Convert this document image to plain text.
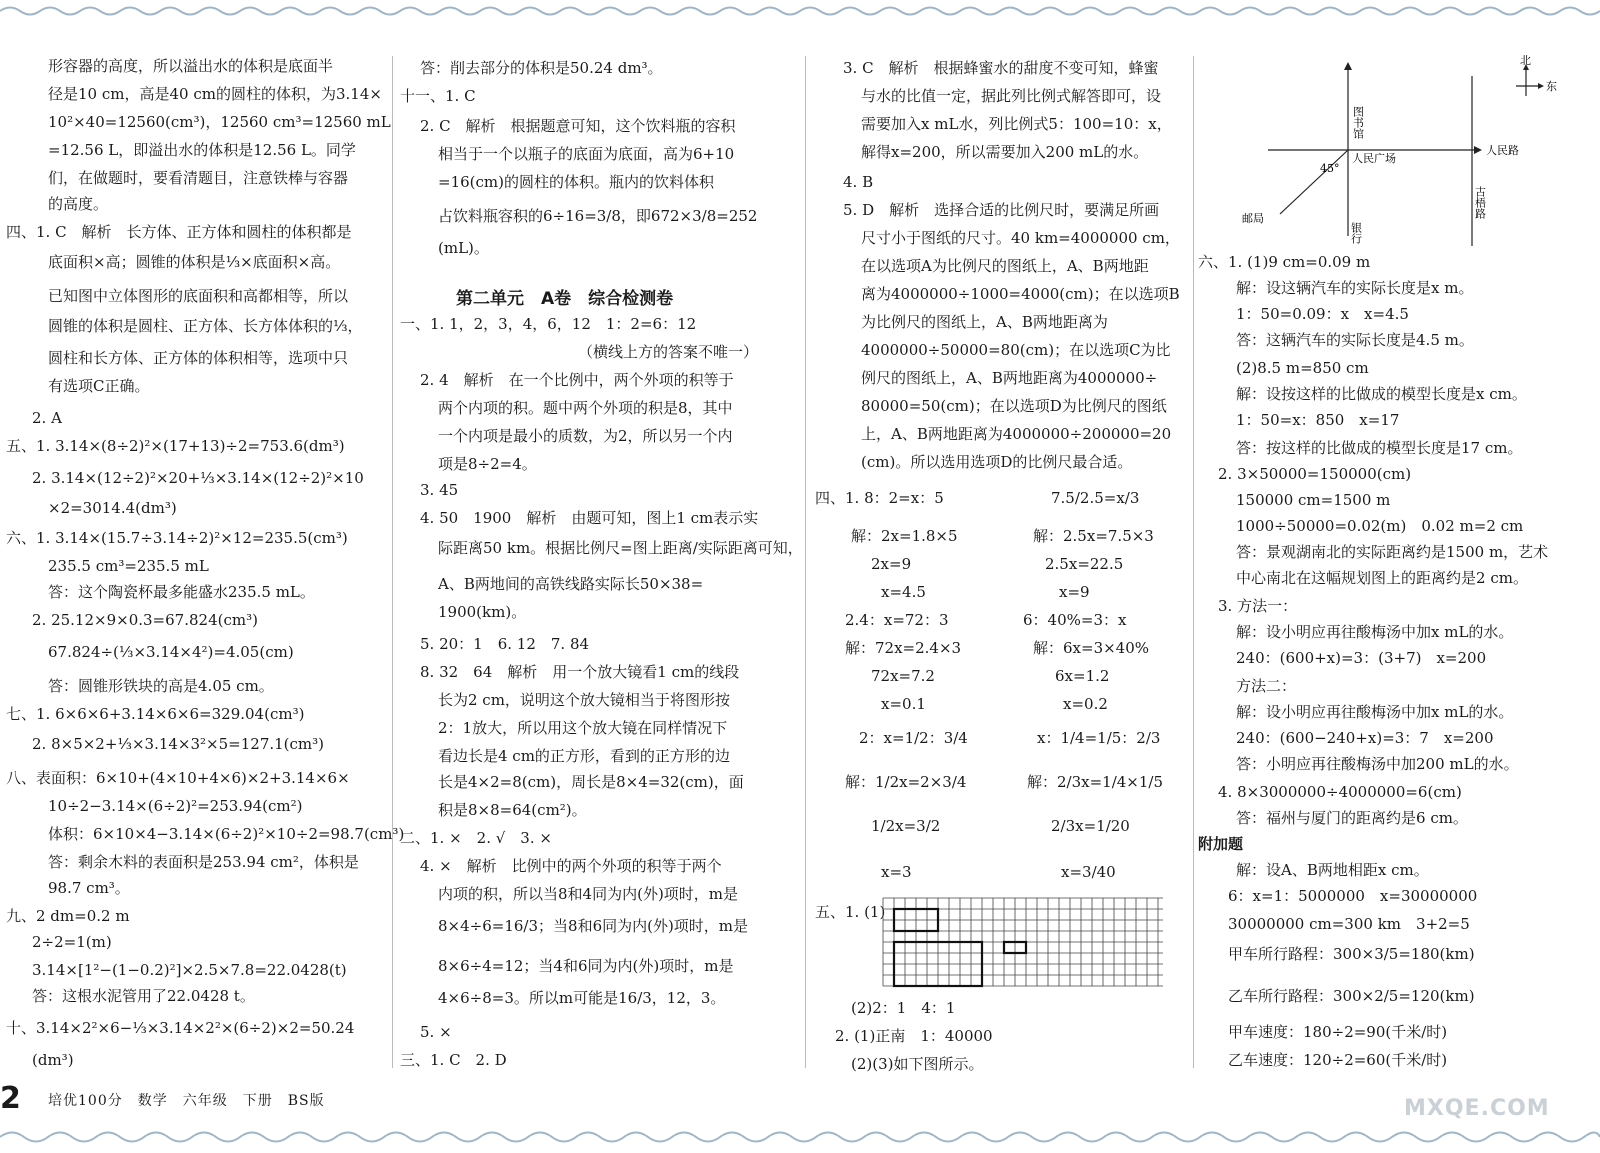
形容器的高度，所以溢出水的体积是底面半
径是10 cm，高是40 cm的圆柱的体积，为3.14×
10²×40=12560(cm³)，12560 cm³=12560 mL
=12.56 L，即溢出水的体积是12.56 L。同学
们，在做题时，要看清题目，注意铁棒与容器
的高度。
四、1. C　解析　长方体、正方体和圆柱的体积都是
底面积×高；圆锥的体积是⅓×底面积×高。
已知图中立体图形的底面积和高都相等，所以
圆锥的体积是圆柱、正方体、长方体体积的⅓，
圆柱和长方体、正方体的体积相等，选项中只
有选项C正确。
2. A
五、1. 3.14×(8÷2)²×(17+13)÷2=753.6(dm³)
2. 3.14×(12÷2)²×20+⅓×3.14×(12÷2)²×10
×2=3014.4(dm³)
六、1. 3.14×(15.7÷3.14÷2)²×12=235.5(cm³)
235.5 cm³=235.5 mL
答：这个陶瓷杯最多能盛水235.5 mL。
2. 25.12×9×0.3=67.824(cm³)
67.824÷(⅓×3.14×4²)=4.05(cm)
答：圆锥形铁块的高是4.05 cm。
七、1. 6×6×6+3.14×6×6=329.04(cm³)
2. 8×5×2+⅓×3.14×3²×5=127.1(cm³)
八、表面积：6×10+(4×10+4×6)×2+3.14×6×
10÷2−3.14×(6÷2)²=253.94(cm²)
体积：6×10×4−3.14×(6÷2)²×10÷2=98.7(cm³)
答：剩余木料的表面积是253.94 cm²，体积是
98.7 cm³。
九、2 dm=0.2 m
2÷2=1(m)
3.14×[1²−(1−0.2)²]×2.5×7.8=22.0428(t)
答：这根水泥管用了22.0428 t。
十、3.14×2²×6−⅓×3.14×2²×(6÷2)×2=50.24
(dm³)
答：削去部分的体积是50.24 dm³。
十一、1. C
2. C　解析　根据题意可知，这个饮料瓶的容积
相当于一个以瓶子的底面为底面，高为6+10
=16(cm)的圆柱的体积。瓶内的饮料体积
占饮料瓶容积的6÷16=3/8，即672×3/8=252
(mL)。
第二单元　A卷　综合检测卷
一、1. 1，2，3，4，6，12　1：2=6：12
（横线上方的答案不唯一）
2. 4　解析　在一个比例中，两个外项的积等于
两个内项的积。题中两个外项的积是8，其中
一个内项是最小的质数，为2，所以另一个内
项是8÷2=4。
3. 45
4. 50　1900　解析　由题可知，图上1 cm表示实
际距离50 km。根据比例尺=图上距离/实际距离可知，
A、B两地间的高铁线路实际长50×38=
1900(km)。
5. 20：1　6. 12　7. 84
8. 32　64　解析　用一个放大镜看1 cm的线段
长为2 cm，说明这个放大镜相当于将图形按
2：1放大，所以用这个放大镜在同样情况下
看边长是4 cm的正方形，看到的正方形的边
长是4×2=8(cm)，周长是8×4=32(cm)，面
积是8×8=64(cm²)。
二、1. ×　2. √　3. ×
4. ×　解析　比例中的两个外项的积等于两个
内项的积，所以当8和4同为内(外)项时，m是
8×4÷6=16/3；当8和6同为内(外)项时，m是
8×6÷4=12；当4和6同为内(外)项时，m是
4×6÷8=3。所以m可能是16/3，12，3。
5. ×
三、1. C　2. D
3. C　解析　根据蜂蜜水的甜度不变可知，蜂蜜
与水的比值一定，据此列比例式解答即可，设
需要加入x mL水，列比例式5：100=10：x，
解得x=200，所以需要加入200 mL的水。
4. B
5. D　解析　选择合适的比例尺时，要满足所画
尺寸小于图纸的尺寸。40 km=4000000 cm，
在以选项A为比例尺的图纸上，A、B两地距
离为4000000÷1000=4000(cm)；在以选项B
为比例尺的图纸上，A、B两地距离为
4000000÷50000=80(cm)；在以选项C为比
例尺的图纸上，A、B两地距离为4000000÷
80000=50(cm)；在以选项D为比例尺的图纸
上，A、B两地距离为4000000÷200000=20
(cm)。所以选用选项D的比例尺最合适。
四、1. 8：2=x：5
解：2x=1.8×5
2x=9
x=4.5
2.4：x=72：3
解：72x=2.4×3
72x=7.2
x=0.1
2：x=1/2：3/4
解：1/2x=2×3/4
1/2x=3/2
x=3
7.5/2.5=x/3
解：2.5x=7.5×3
2.5x=22.5
x=9
6：40%=3：x
解：6x=3×40%
6x=1.2
x=0.2
x：1/4=1/5：2/3
解：2/3x=1/4×1/5
2/3x=1/20
x=3/40
五、1. (1)
(2)2：1　4：1
2. (1)正南　1：40000
(2)(3)如下图所示。
北
东
图书馆
人民广场
人民路
45°
邮局
银行
古梧路
六、1. (1)9 cm=0.09 m
解：设这辆汽车的实际长度是x m。
1：50=0.09：x　x=4.5
答：这辆汽车的实际长度是4.5 m。
(2)8.5 m=850 cm
解：设按这样的比做成的模型长度是x cm。
1：50=x：850　x=17
答：按这样的比做成的模型长度是17 cm。
2. 3×50000=150000(cm)
150000 cm=1500 m
1000÷50000=0.02(m)　0.02 m=2 cm
答：景观湖南北的实际距离约是1500 m，艺术
中心南北在这幅规划图上的距离约是2 cm。
3. 方法一：
解：设小明应再往酸梅汤中加x mL的水。
240：(600+x)=3：(3+7)　x=200
方法二：
解：设小明应再往酸梅汤中加x mL的水。
240：(600−240+x)=3：7　x=200
答：小明应再往酸梅汤中加200 mL的水。
4. 8×3000000÷4000000=6(cm)
答：福州与厦门的距离约是6 cm。
附加题
解：设A、B两地相距x cm。
6：x=1：5000000　x=30000000
30000000 cm=300 km　3+2=5
甲车所行路程：300×3/5=180(km)
乙车所行路程：300×2/5=120(km)
甲车速度：180÷2=90(千米/时)
乙车速度：120÷2=60(千米/时)
MXQE.COM
2 培优100分　数学　六年级　下册　BS版
